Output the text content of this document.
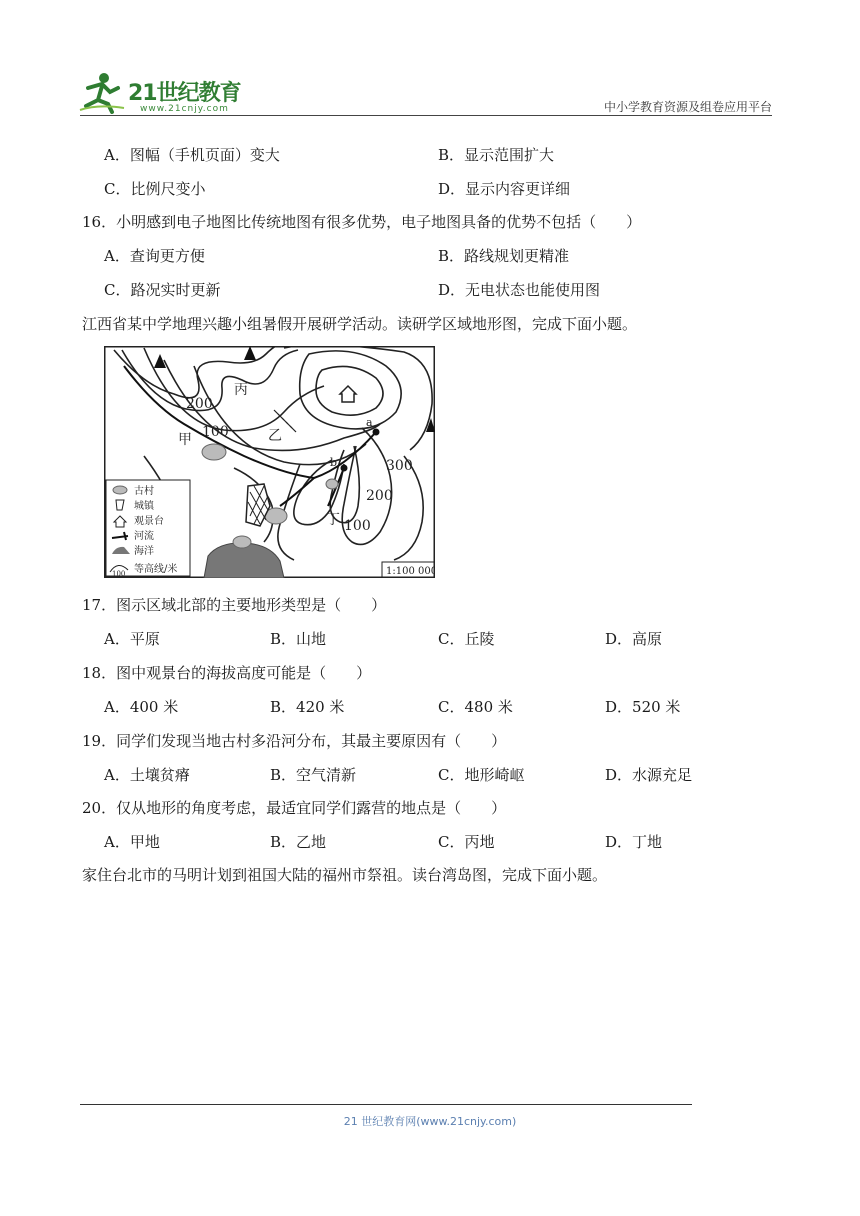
21世纪教育
www.21cnjy.com	中小学教育资源及组卷应用平台
A．图幅（手机页面）变大	B．显示范围扩大
C．比例尺变小	D．显示内容更详细
16．小明感到电子地图比传统地图有很多优势，电子地图具备的优势不包括（　　）
A．查询更方便	B．路线规划更精准
C．路况实时更新	D．无电状态也能使用图
江西省某中学地理兴趣小组暑假开展研学活动。读研学区域地形图，完成下面小题。
丙
甲	乙
丁
a
b
200
100
300
200
100
古村
城镇
观景台
河流
海洋
等高线/米
100	1:100 000
17．图示区域北部的主要地形类型是（　　）
A．平原	B．山地	C．丘陵	D．高原
18．图中观景台的海拔高度可能是（　　）
A．400 米	B．420 米	C．480 米	D．520 米
19．同学们发现当地古村多沿河分布，其最主要原因有（　　）
A．土壤贫瘠	B．空气清新	C．地形崎岖	D．水源充足
20．仅从地形的角度考虑，最适宜同学们露营的地点是（　　）
A．甲地	B．乙地	C．丙地	D．丁地
家住台北市的马明计划到祖国大陆的福州市祭祖。读台湾岛图，完成下面小题。
21 世纪教育网(www.21cnjy.com)
